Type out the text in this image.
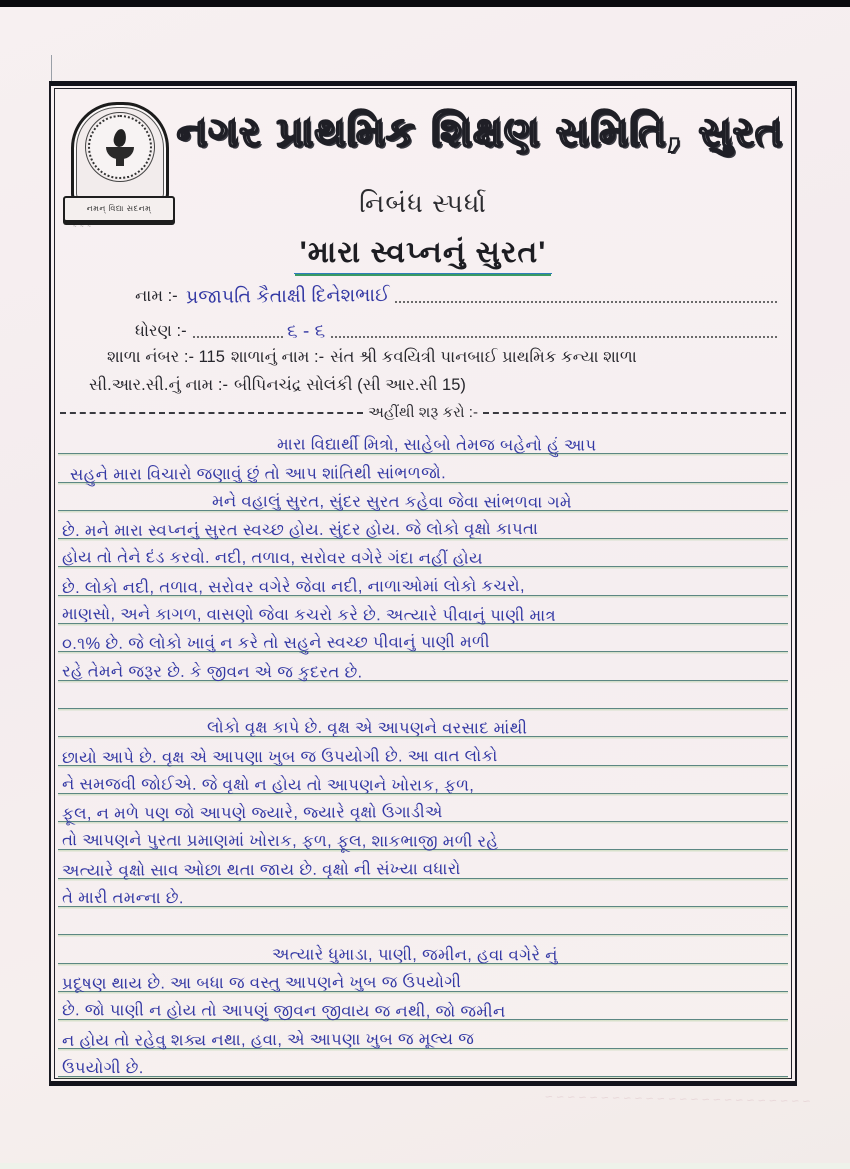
નમન્ વિદ્યા સદનમ્
~ ~ ~
નગર પ્રાથમિક શિક્ષણ સમિતિ, સુરત
નિબંધ સ્પર્ધા
'મારા સ્વપ્નનું સુરત'
નામ :- પ્રજાપતિ કૈતાક્ષી દિનેશભાઈ
ધોરણ :-	૬ - ૬
શાળા નંબર :- 115 શાળાનું નામ :- સંત શ્રી કવયિત્રી પાનબાઈ પ્રાથમિક કન્યા શાળા
સી.આર.સી.નું નામ :- બીપિનચંદ્ર સોલંકી (સી આર.સી 15)
અહીંથી શરૂ કરો :-
મારા વિદ્યાર્થી મિત્રો, સાહેબો તેમજ બહેનો હું આપ
સહુને મારા વિચારો જણાવું છું તો આપ શાંતિથી સાંભળજો.
મને વહાલું સુરત, સુંદર સુરત કહેવા જેવા સાંભળવા ગમે
છે. મને મારા સ્વપ્નનું સુરત સ્વચ્છ હોય. સુંદર હોય. જે લોકો વૃક્ષો કાપતા
હોય તો તેને દંડ કરવો. નદી, તળાવ, સરોવર વગેરે ગંદા નહીં હોય
છે. લોકો નદી, તળાવ, સરોવર વગેરે જેવા નદી, નાળાઓમાં લોકો કચરો,
માણસો, અને કાગળ, વાસણો જેવા કચરો કરે છે. અત્યારે પીવાનું પાણી માત્ર
૦.૧% છે. જે લોકો ખાવું ન કરે તો સહુને સ્વચ્છ પીવાનું પાણી મળી
રહે તેમને જરૂર છે. કે જીવન એ જ કુદરત છે.
લોકો વૃક્ષ કાપે છે. વૃક્ષ એ આપણને વરસાદ માંથી
છાયો આપે છે. વૃક્ષ એ આપણા ખુબ જ ઉપયોગી છે. આ વાત લોકો
ને સમજવી જોઈએ. જે વૃક્ષો ન હોય તો આપણને ખોરાક, ફળ,
ફૂલ, ન મળે પણ જો આપણે જ્યારે, જ્યારે વૃક્ષો ઉગાડીએ
તો આપણને પુરતા પ્રમાણમાં ખોરાક, ફળ, ફૂલ, શાકભાજી મળી રહે
અત્યારે વૃક્ષો સાવ ઓછા થતા જાય છે. વૃક્ષો ની સંખ્યા વધારો
તે મારી તમન્ના છે.
અત્યારે ધુમાડા, પાણી, જમીન, હવા વગેરે નું
પ્રદૂષણ થાય છે. આ બધા જ વસ્તુ આપણને ખુબ જ ઉપયોગી
છે. જો પાણી ન હોય તો આપણું જીવન જીવાય જ નથી, જો જમીન
ન હોય તો રહેવુ શક્ય નથા, હવા, એ આપણા ખુબ જ મૂલ્ય જ
ઉપયોગી છે.
~ ~ ~ ~ ~ ~ ~ ~ ~ ~ ~ ~ ~ ~ ~ ~ ~ ~ ~ ~ ~ ~ ~ ~
